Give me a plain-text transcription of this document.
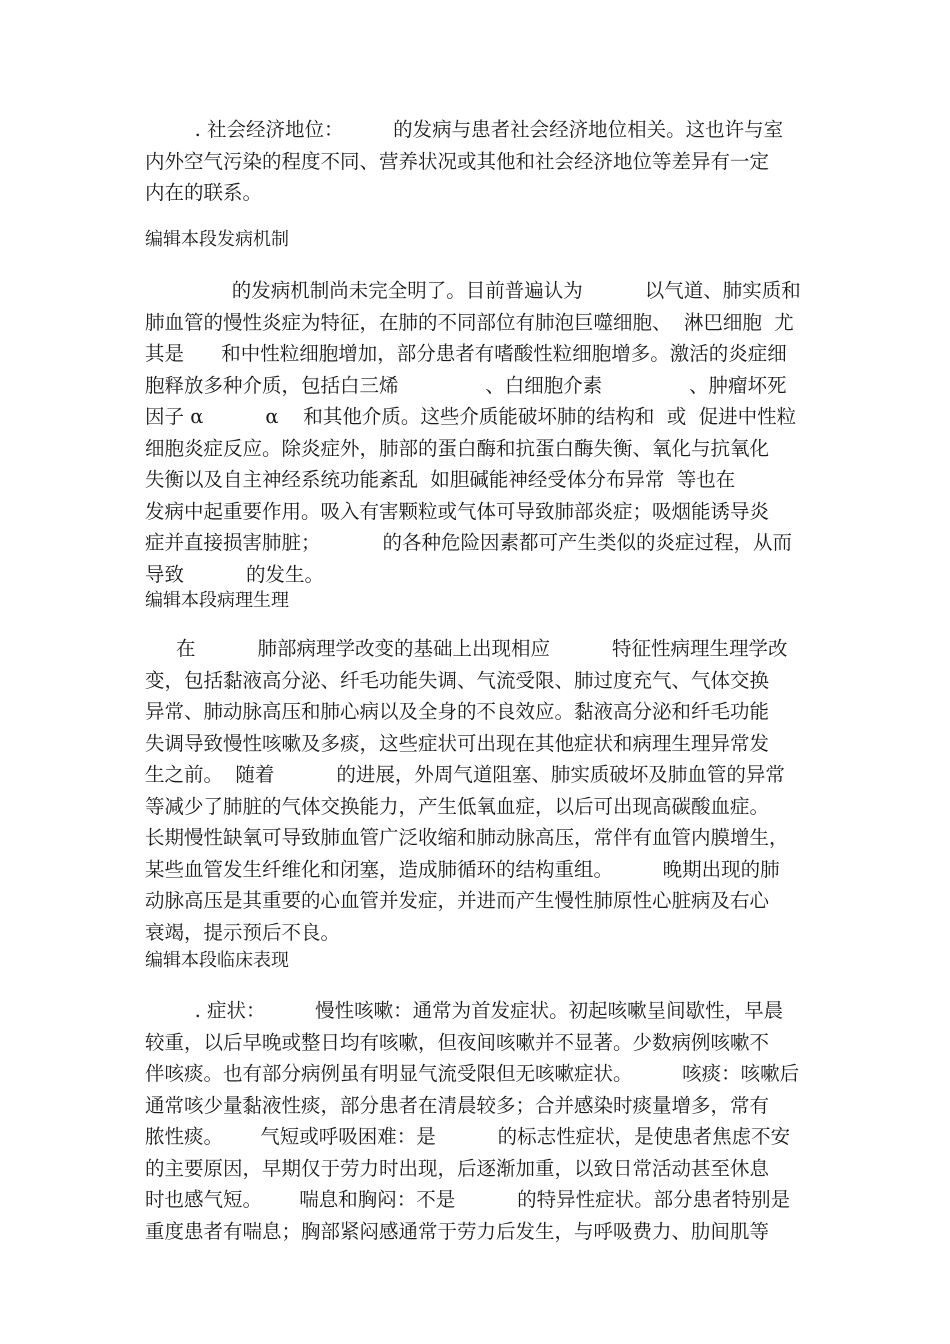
. 社会经济地位：        的发病与患者社会经济地位相关。这也许与室
内外空气污染的程度不同、营养状况或其他和社会经济地位等差异有一定
内在的联系。
编辑本段发病机制
的发病机制尚未完全明了。目前普遍认为          以气道、肺实质和
肺血管的慢性炎症为特征，在肺的不同部位有肺泡巨噬细胞、  淋巴细胞  尤
其是      和中性粒细胞增加，部分患者有嗜酸性粒细胞增多。激活的炎症细
胞释放多种介质，包括白三烯              、白细胞介素              、肿瘤坏死
因子 α          α    和其他介质。这些介质能破坏肺的结构和  或  促进中性粒
细胞炎症反应。除炎症外，肺部的蛋白酶和抗蛋白酶失衡、氧化与抗氧化
失衡以及自主神经系统功能紊乱  如胆碱能神经受体分布异常  等也在
发病中起重要作用。吸入有害颗粒或气体可导致肺部炎症；吸烟能诱导炎
症并直接损害肺脏；          的各种危险因素都可产生类似的炎症过程，从而
导致          的发生。
编辑本段病理生理
在          肺部病理学改变的基础上出现相应          特征性病理生理学改
变，包括黏液高分泌、纤毛功能失调、气流受限、肺过度充气、气体交换
异常、肺动脉高压和肺心病以及全身的不良效应。黏液高分泌和纤毛功能
失调导致慢性咳嗽及多痰，这些症状可出现在其他症状和病理生理异常发
生之前。  随着          的进展，外周气道阻塞、肺实质破坏及肺血管的异常
等减少了肺脏的气体交换能力，产生低氧血症，以后可出现高碳酸血症。
长期慢性缺氧可导致肺血管广泛收缩和肺动脉高压，常伴有血管内膜增生，
某些血管发生纤维化和闭塞，造成肺循环的结构重组。        晚期出现的肺
动脉高压是其重要的心血管并发症，并进而产生慢性肺原性心脏病及右心
衰竭，提示预后不良。
编辑本段临床表现
. 症状：        慢性咳嗽：通常为首发症状。初起咳嗽呈间歇性，早晨
较重，以后早晚或整日均有咳嗽，但夜间咳嗽并不显著。少数病例咳嗽不
伴咳痰。也有部分病例虽有明显气流受限但无咳嗽症状。        咳痰：咳嗽后
通常咳少量黏液性痰，部分患者在清晨较多；合并感染时痰量增多，常有
脓性痰。      气短或呼吸困难：是          的标志性症状，是使患者焦虑不安
的主要原因，早期仅于劳力时出现，后逐渐加重，以致日常活动甚至休息
时也感气短。      喘息和胸闷：不是          的特异性症状。部分患者特别是
重度患者有喘息；胸部紧闷感通常于劳力后发生，与呼吸费力、肋间肌等
